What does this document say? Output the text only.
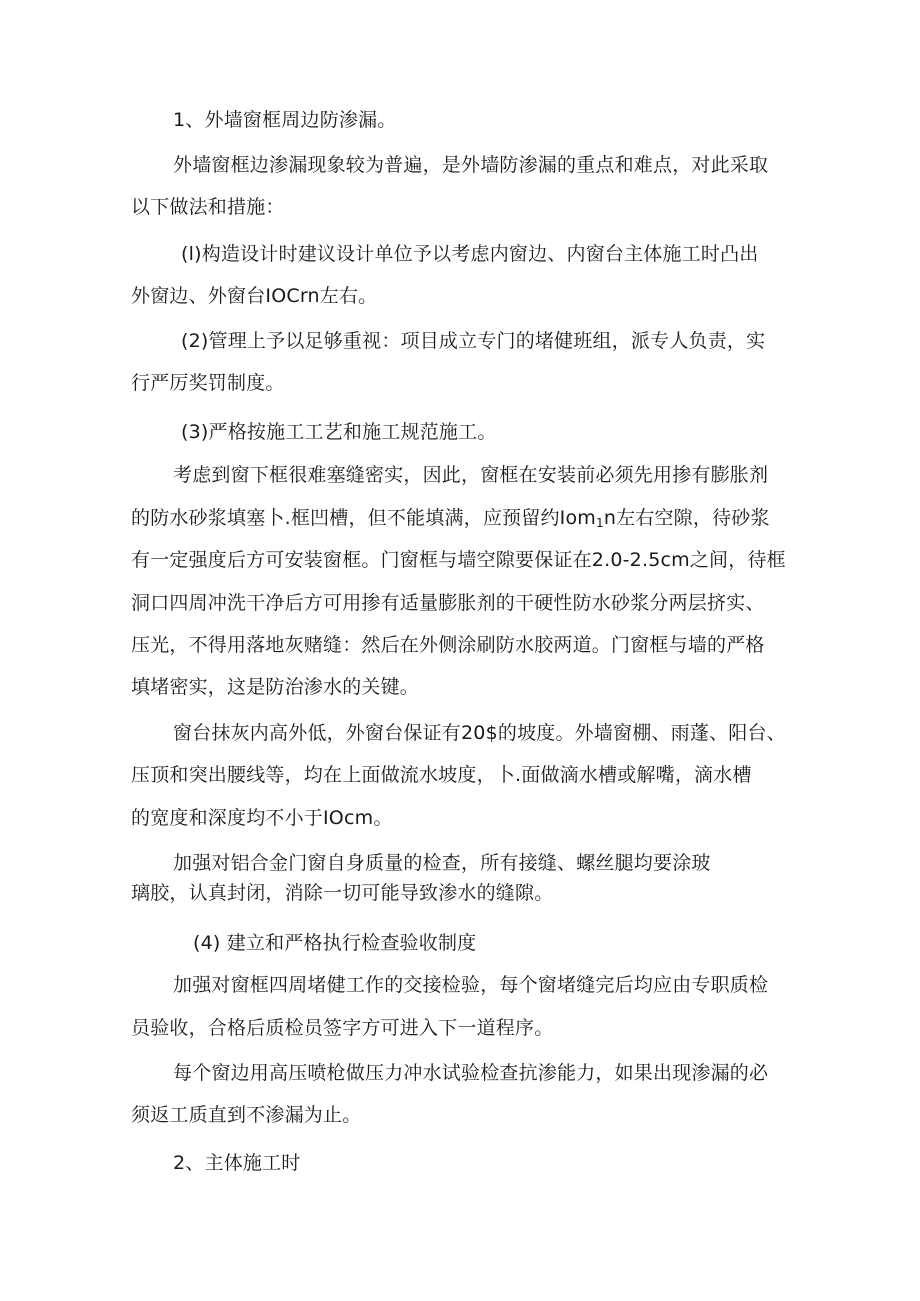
1、外墙窗框周边防渗漏。
外墙窗框边渗漏现象较为普遍，是外墙防渗漏的重点和难点，对此采取
以下做法和措施：
(l)构造设计时建议设计单位予以考虑内窗边、内窗台主体施工时凸出
外窗边、外窗台IOCrn左右。
(2)管理上予以足够重视：项目成立专门的堵健班组，派专人负责，实
行严厉奖罚制度。
(3)严格按施工工艺和施工规范施工。
考虑到窗下框很难塞缝密实，因此，窗框在安装前必须先用掺有膨胀剂
的防水砂浆填塞卜.框凹槽，但不能填满，应预留约Iom$_1$n左右空隙，待砂浆
有一定强度后方可安装窗框。门窗框与墙空隙要保证在2.0-2.5cm之间，待框
洞口四周冲洗干净后方可用掺有适量膨胀剂的干硬性防水砂浆分两层挤实、
压光，不得用落地灰赌缝：然后在外侧涂刷防水胶两道。门窗框与墙的严格
填堵密实，这是防治渗水的关键。
窗台抹灰内高外低，外窗台保证有20$的坡度。外墙窗棚、雨蓬、阳台、
压顶和突出腰线等，均在上面做流水坡度，卜.面做滴水槽或解嘴，滴水槽
的宽度和深度均不小于IOcm。
加强对铝合金门窗自身质量的检查，所有接缝、螺丝腿均要涂玻
璃胶，认真封闭，消除一切可能导致渗水的缝隙。
(4) 建立和严格执行检查验收制度
加强对窗框四周堵健工作的交接检验，每个窗堵缝完后均应由专职质检
员验收，合格后质检员签字方可进入下一道程序。
每个窗边用高压喷枪做压力冲水试验检查抗渗能力，如果出现渗漏的必
须返工质直到不渗漏为止。
2、主体施工时
